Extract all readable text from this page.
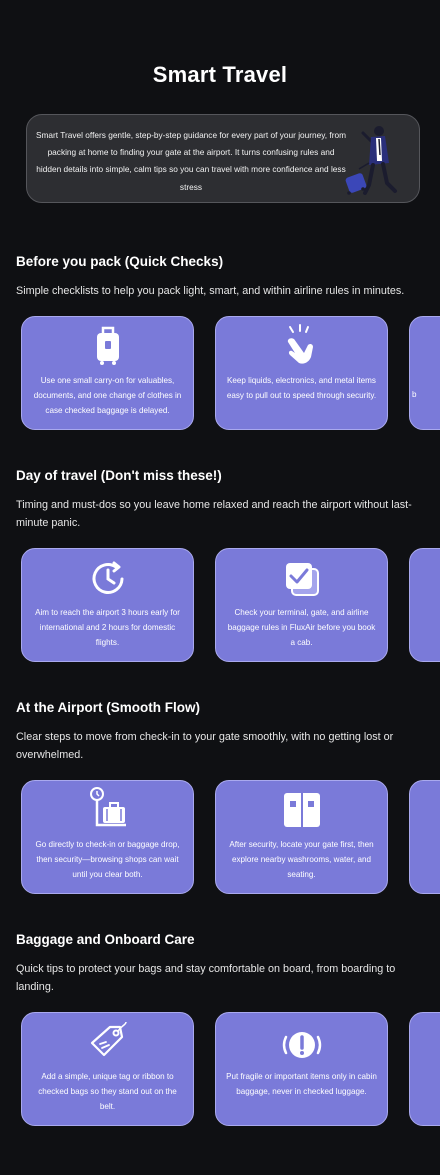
Smart Travel
Smart Travel offers gentle, step-by-step guidance for every part of your journey, from packing at home to finding your gate at the airport. It turns confusing rules and hidden details into simple, calm tips so you can travel with more confidence and less stress
Before you pack (Quick Checks)
Simple checklists to help you pack light, smart, and within airline rules in minutes.
Use one small carry-on for valuables, documents, and one change of clothes in case checked baggage is delayed.
Keep liquids, electronics, and metal items easy to pull out to speed through security.	b
Day of travel (Don't miss these!)
Timing and must-dos so you leave home relaxed and reach the airport without last-minute panic.
Aim to reach the airport 3 hours early for international and 2 hours for domestic flights.
Check your terminal, gate, and airline baggage rules in FluxAir before you book a cab.
At the Airport (Smooth Flow)
Clear steps to move from check-in to your gate smoothly, with no getting lost or overwhelmed.
Go directly to check-in or baggage drop, then security—browsing shops can wait until you clear both.
After security, locate your gate first, then explore nearby washrooms, water, and seating.
Baggage and Onboard Care
Quick tips to protect your bags and stay comfortable on board, from boarding to landing.
Add a simple, unique tag or ribbon to checked bags so they stand out on the belt.
Put fragile or important items only in cabin baggage, never in checked luggage.
